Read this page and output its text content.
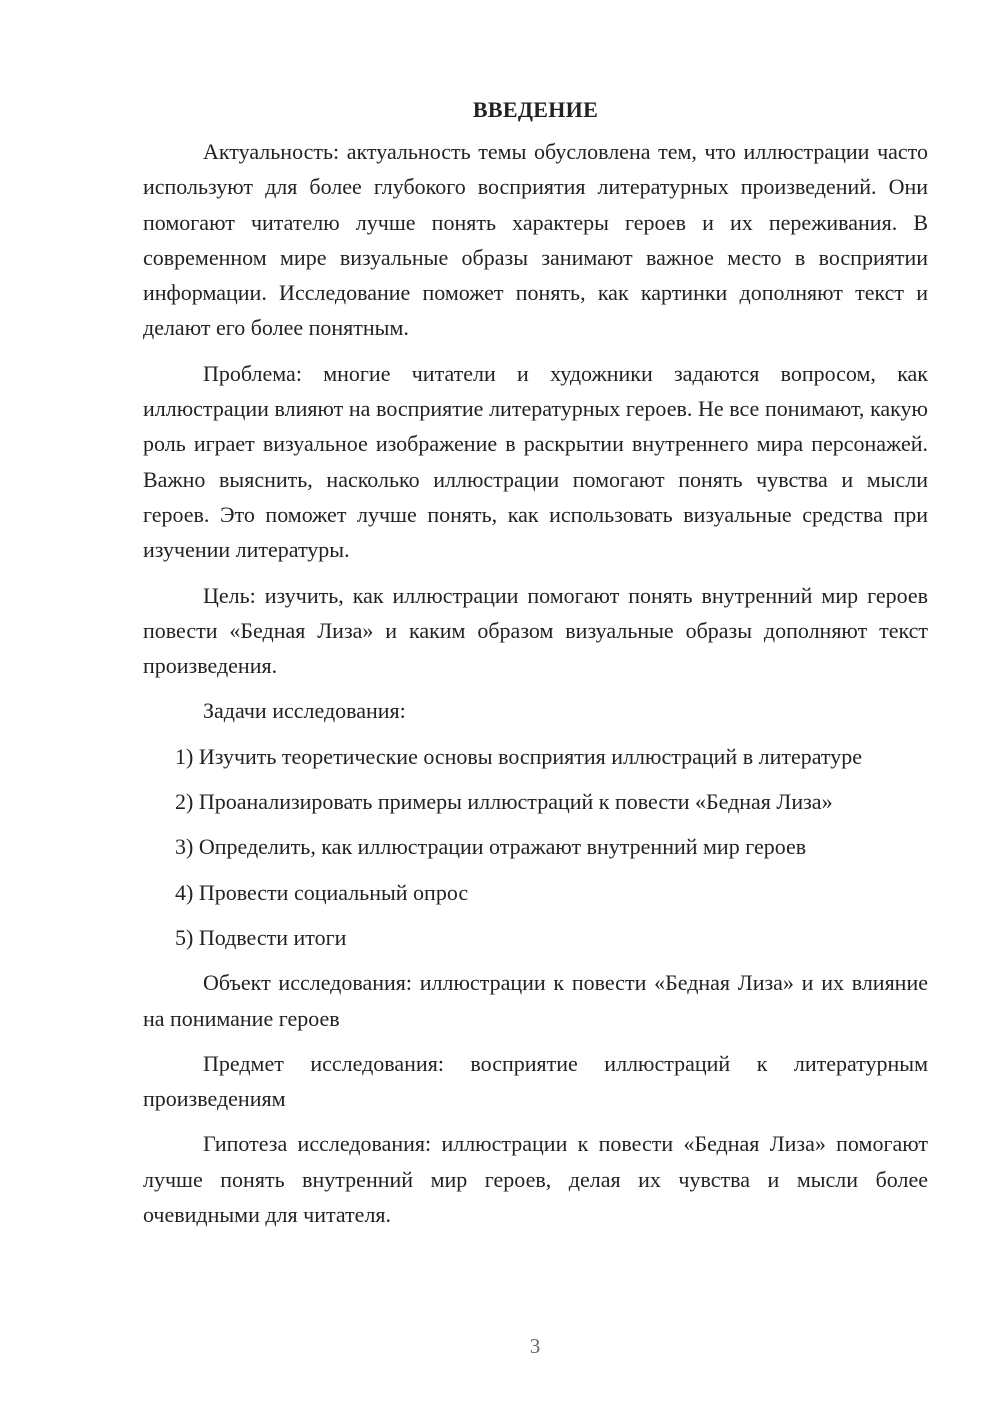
ВВЕДЕНИЕ

Актуальность: актуальность темы обусловлена тем, что иллюстрации часто используют для более глубокого восприятия литературных произведений. Они помогают читателю лучше понять характеры героев и их переживания. В современном мире визуальные образы занимают важное место в восприятии информации. Исследование поможет понять, как картинки дополняют текст и делают его более понятным.

Проблема: многие читатели и художники задаются вопросом, как иллюстрации влияют на восприятие литературных героев. Не все понимают, какую роль играет визуальное изображение в раскрытии внутреннего мира персонажей. Важно выяснить, насколько иллюстрации помогают понять чувства и мысли героев. Это поможет лучше понять, как использовать визуальные средства при изучении литературы.

Цель: изучить, как иллюстрации помогают понять внутренний мир героев повести «Бедная Лиза» и каким образом визуальные образы дополняют текст произведения.

Задачи исследования:

1) Изучить теоретические основы восприятия иллюстраций в литературе
2) Проанализировать примеры иллюстраций к повести «Бедная Лиза»
3) Определить, как иллюстрации отражают внутренний мир героев
4) Провести социальный опрос
5) Подвести итоги

Объект исследования: иллюстрации к повести «Бедная Лиза» и их влияние на понимание героев

Предмет исследования: восприятие иллюстраций к литературным произведениям

Гипотеза исследования: иллюстрации к повести «Бедная Лиза» помогают лучше понять внутренний мир героев, делая их чувства и мысли более очевидными для читателя.

3
